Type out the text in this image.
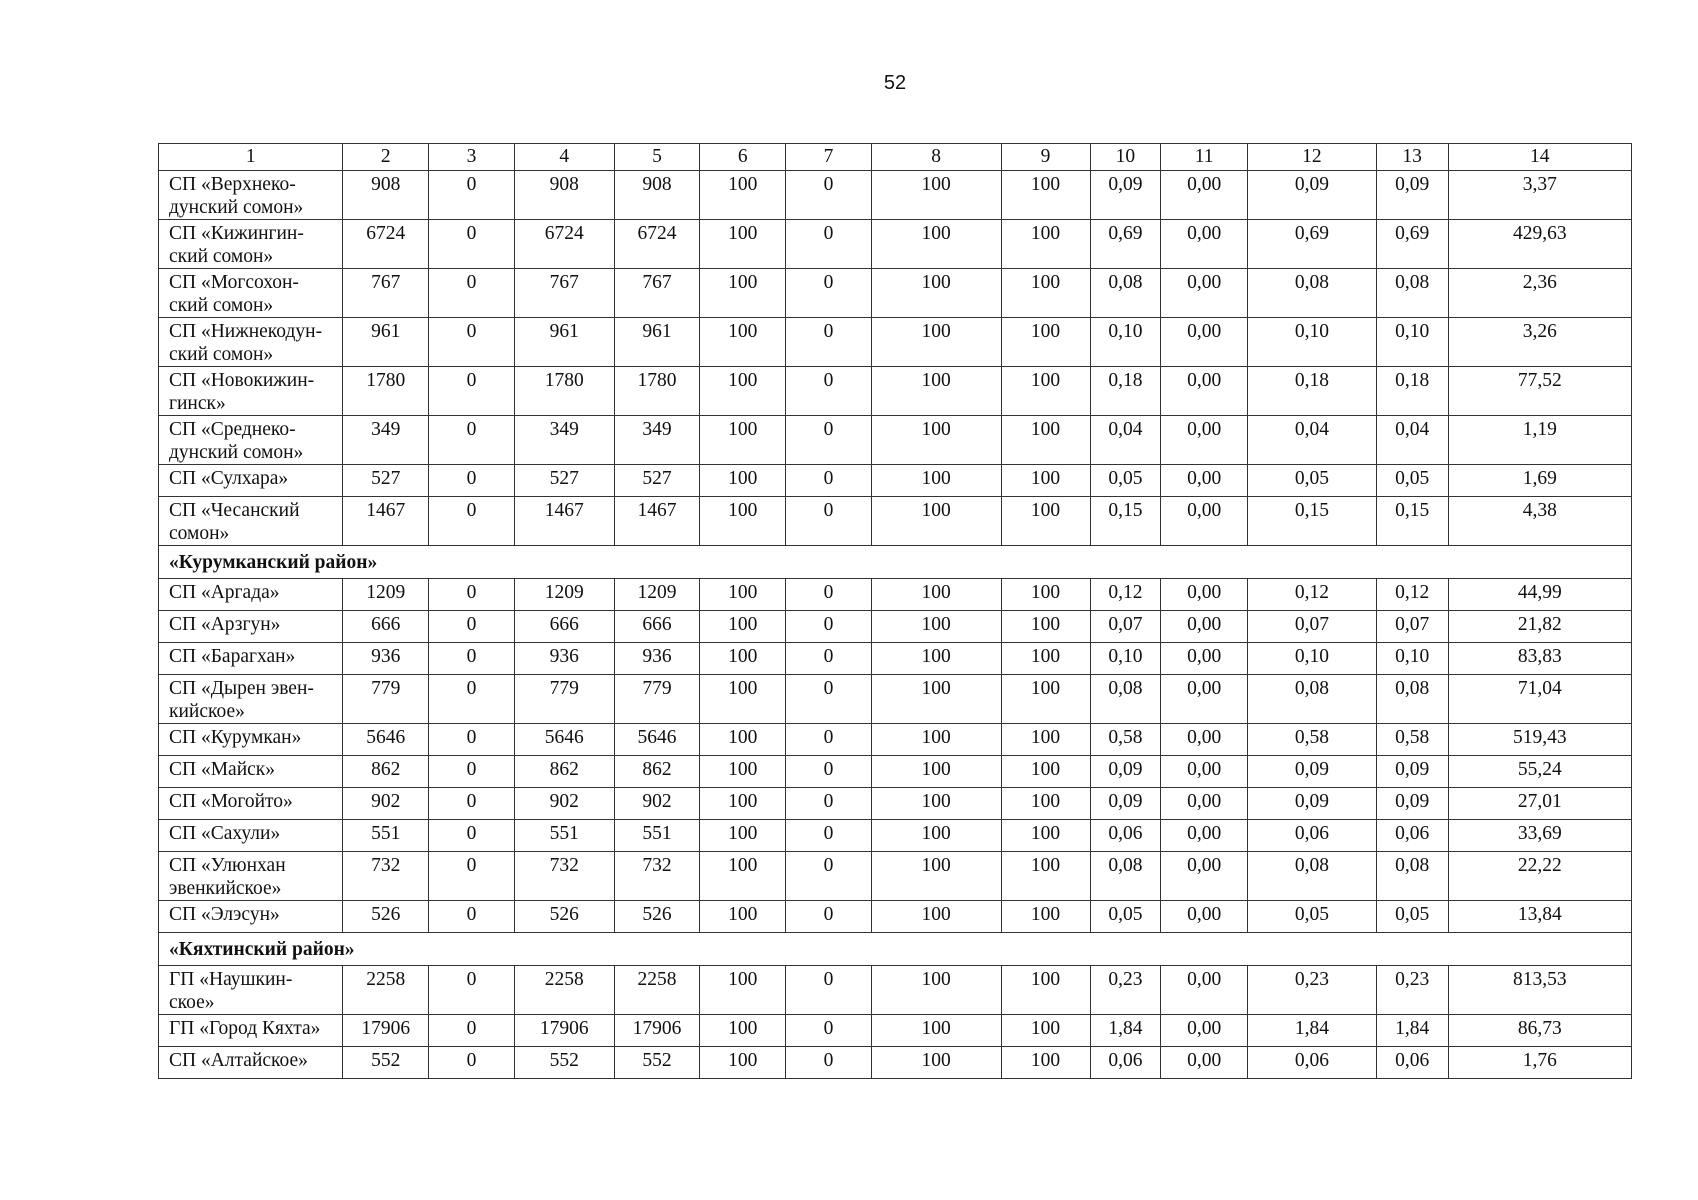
52
1	2	3	4	5	6	7	8	9	10	11	12	13	14

СП «Верхнеко-
дунский сомон»	908	0	908	908	100	0	100	100	0,09	0,00	0,09	0,09	3,37

СП «Кижингин-
ский сомон»	6724	0	6724	6724	100	0	100	100	0,69	0,00	0,69	0,69	429,63

СП «Могсохон-
ский сомон»	767	0	767	767	100	0	100	100	0,08	0,00	0,08	0,08	2,36

СП «Нижнекодун-
ский сомон»	961	0	961	961	100	0	100	100	0,10	0,00	0,10	0,10	3,26

СП «Новокижин-
гинск»	1780	0	1780	1780	100	0	100	100	0,18	0,00	0,18	0,18	77,52

СП «Среднеко-
дунский сомон»	349	0	349	349	100	0	100	100	0,04	0,00	0,04	0,04	1,19

СП «Сулхара»	527	0	527	527	100	0	100	100	0,05	0,00	0,05	0,05	1,69

СП «Чесанский
сомон»	1467	0	1467	1467	100	0	100	100	0,15	0,00	0,15	0,15	4,38
«Курумканский район»													

СП «Аргада»	1209	0	1209	1209	100	0	100	100	0,12	0,00	0,12	0,12	44,99

СП «Арзгун»	666	0	666	666	100	0	100	100	0,07	0,00	0,07	0,07	21,82

СП «Барагхан»	936	0	936	936	100	0	100	100	0,10	0,00	0,10	0,10	83,83

СП «Дырен эвен-
кийское»	779	0	779	779	100	0	100	100	0,08	0,00	0,08	0,08	71,04

СП «Курумкан»	5646	0	5646	5646	100	0	100	100	0,58	0,00	0,58	0,58	519,43

СП «Майск»	862	0	862	862	100	0	100	100	0,09	0,00	0,09	0,09	55,24

СП «Могойто»	902	0	902	902	100	0	100	100	0,09	0,00	0,09	0,09	27,01

СП «Сахули»	551	0	551	551	100	0	100	100	0,06	0,00	0,06	0,06	33,69

СП «Улюнхан
эвенкийское»	732	0	732	732	100	0	100	100	0,08	0,00	0,08	0,08	22,22

СП «Элэсун»	526	0	526	526	100	0	100	100	0,05	0,00	0,05	0,05	13,84
«Кяхтинский район»													

ГП «Наушкин-
ское»	2258	0	2258	2258	100	0	100	100	0,23	0,00	0,23	0,23	813,53

ГП «Город Кяхта»	17906	0	17906	17906	100	0	100	100	1,84	0,00	1,84	1,84	86,73

СП «Алтайское»	552	0	552	552	100	0	100	100	0,06	0,00	0,06	0,06	1,76
